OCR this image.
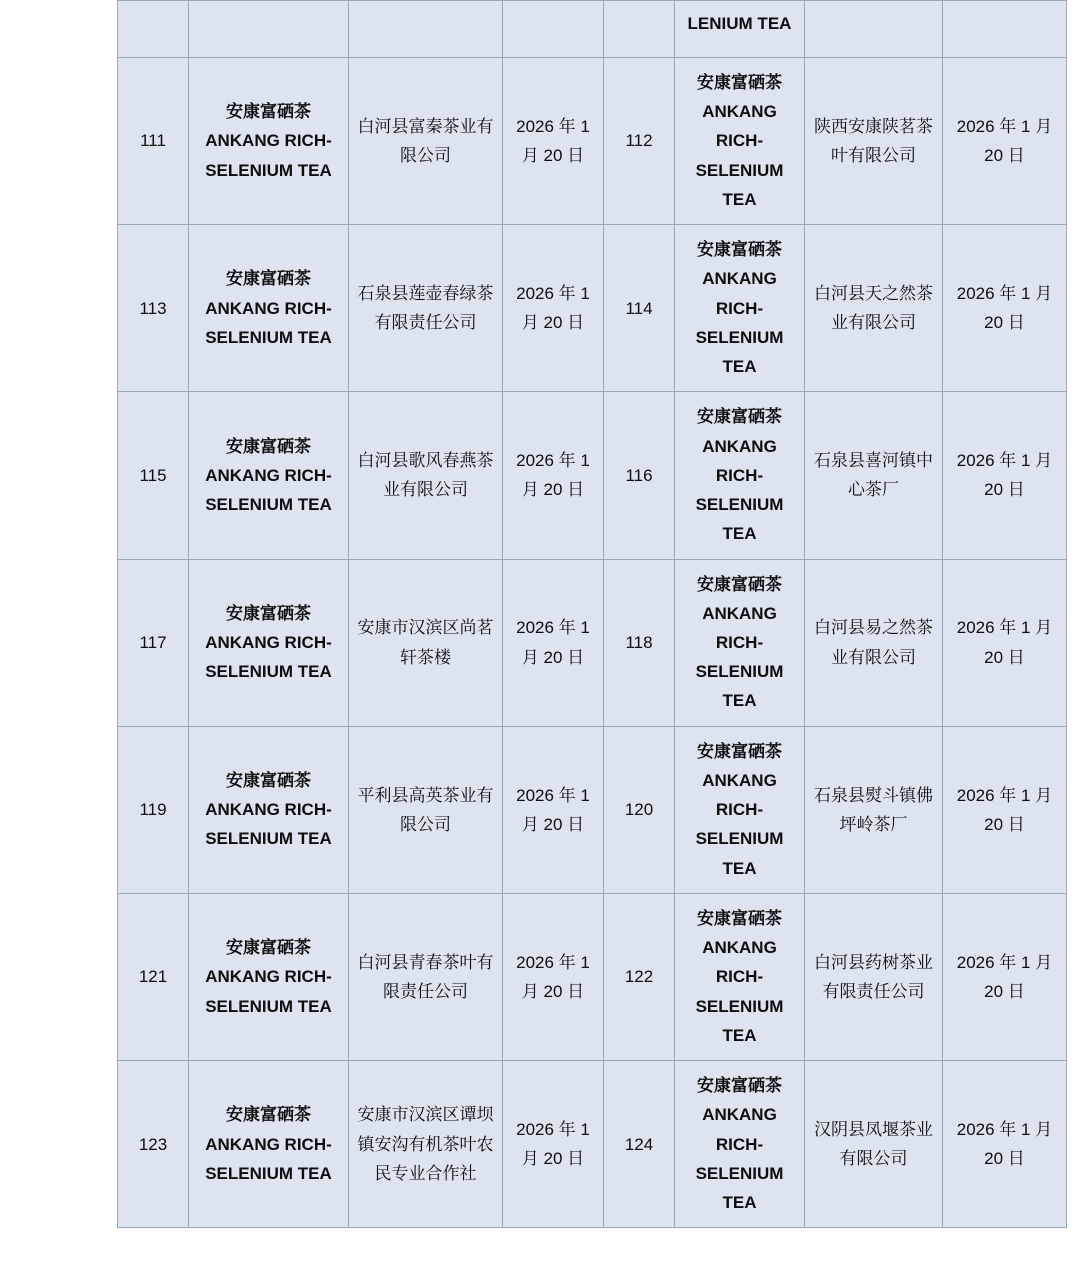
					LENIUM TEA		
111	安康富硒茶 ANKANG RICH-SELENIUM TEA	白河县富秦茶业有限公司	2026 年 1 月 20 日	112	安康富硒茶 ANKANG RICH-SELENIUM TEA	陕西安康陕茗茶叶有限公司	2026 年 1 月 20 日
113	安康富硒茶 ANKANG RICH-SELENIUM TEA	石泉县莲壶春绿茶有限责任公司	2026 年 1 月 20 日	114	安康富硒茶 ANKANG RICH-SELENIUM TEA	白河县天之然茶业有限公司	2026 年 1 月 20 日
115	安康富硒茶 ANKANG RICH-SELENIUM TEA	白河县歌风春燕茶业有限公司	2026 年 1 月 20 日	116	安康富硒茶 ANKANG RICH-SELENIUM TEA	石泉县喜河镇中心茶厂	2026 年 1 月 20 日
117	安康富硒茶 ANKANG RICH-SELENIUM TEA	安康市汉滨区尚茗轩茶楼	2026 年 1 月 20 日	118	安康富硒茶 ANKANG RICH-SELENIUM TEA	白河县易之然茶业有限公司	2026 年 1 月 20 日
119	安康富硒茶 ANKANG RICH-SELENIUM TEA	平利县高英茶业有限公司	2026 年 1 月 20 日	120	安康富硒茶 ANKANG RICH-SELENIUM TEA	石泉县熨斗镇佛坪岭茶厂	2026 年 1 月 20 日
121	安康富硒茶 ANKANG RICH-SELENIUM TEA	白河县青春茶叶有限责任公司	2026 年 1 月 20 日	122	安康富硒茶 ANKANG RICH-SELENIUM TEA	白河县药树茶业有限责任公司	2026 年 1 月 20 日
123	安康富硒茶 ANKANG RICH-SELENIUM TEA	安康市汉滨区谭坝镇安沟有机茶叶农民专业合作社	2026 年 1 月 20 日	124	安康富硒茶 ANKANG RICH-SELENIUM TEA	汉阴县凤堰茶业有限公司	2026 年 1 月 20 日
